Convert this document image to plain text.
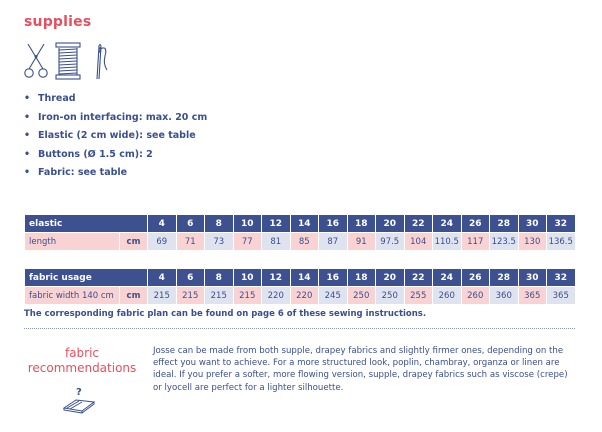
supplies
• Thread
• Iron-on interfacing: max. 20 cm
• Elastic (2 cm wide): see table
• Buttons (Ø 1.5 cm): 2
• Fabric: see table
elastic		4	6	8	10	12	14	16	18	20	22	24	26	28	30	32
length	cm	69	71	73	77	81	85	87	91	97.5	104	110.5	117	123.5	130	136.5
fabric usage		4	6	8	10	12	14	16	18	20	22	24	26	28	30	32
fabric width 140 cm	cm	215	215	215	215	220	220	245	250	250	255	260	260	360	365	365
The corresponding fabric plan can be found on page 6 of these sewing instructions.
fabric
recommendations
?
Josse can be made from both supple, drapey fabrics and slightly firmer ones, depending on the effect you want to achieve. For a more structured look, poplin, chambray, organza or linen are ideal. If you prefer a softer, more flowing version, supple, drapey fabrics such as viscose (crepe) or lyocell are perfect for a lighter silhouette.
